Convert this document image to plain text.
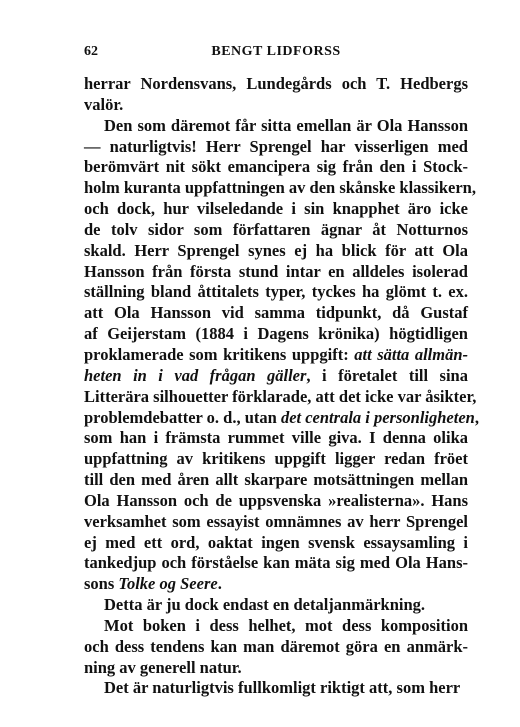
62	BENGT LIDFORSS
herrar Nordensvans, Lundegårds och T. Hedbergs
valör.
Den som däremot får sitta emellan är Ola Hansson
— naturligtvis! Herr Sprengel har visserligen med
berömvärt nit sökt emancipera sig från den i Stock-
holm kuranta uppfattningen av den skånske klassikern,
och dock, hur vilseledande i sin knapphet äro icke
de tolv sidor som författaren ägnar åt Notturnos
skald. Herr Sprengel synes ej ha blick för att Ola
Hansson från första stund intar en alldeles isolerad
ställning bland åttitalets typer, tyckes ha glömt t. ex.
att Ola Hansson vid samma tidpunkt, då Gustaf
af Geijerstam (1884 i Dagens krönika) högtidligen
proklamerade som kritikens uppgift: att sätta allmän-
heten in i vad frågan gäller, i företalet till sina
Litterära silhouetter förklarade, att det icke var åsikter,
problemdebatter o. d., utan det centrala i personligheten,
som han i främsta rummet ville giva. I denna olika
uppfattning av kritikens uppgift ligger redan fröet
till den med åren allt skarpare motsättningen mellan
Ola Hansson och de uppsvenska »realisterna». Hans
verksamhet som essayist omnämnes av herr Sprengel
ej med ett ord, oaktat ingen svensk essaysamling i
tankedjup och förståelse kan mäta sig med Ola Hans-
sons Tolke og Seere.
Detta är ju dock endast en detaljanmärkning.
Mot boken i dess helhet, mot dess komposition
och dess tendens kan man däremot göra en anmärk-
ning av generell natur.
Det är naturligtvis fullkomligt riktigt att, som herr
